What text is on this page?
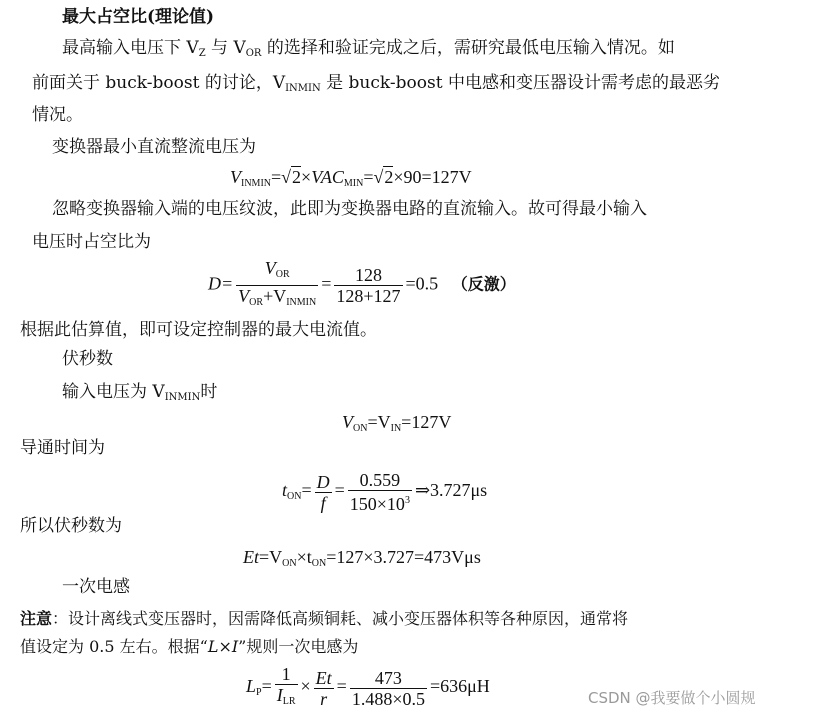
最大占空比(理论值)
最高输入电压下 $V_Z$ 与 $V_{OR}$ 的选择和验证完成之后，需研究最低电压输入情况。如
前面关于 buck-boost 的讨论，$V_{INMIN}$ 是 buck-boost 中电感和变压器设计需考虑的最恶劣
情况。
变换器最小直流整流电压为
$V_{INMIN}=√2\times VAC_{MIN}=√2\times 90=127V$
忽略变换器输入端的电压纹波，此即为变换器电路的直流输入。故可得最小输入
电压时占空比为
$D= \frac{V_{OR}}{V_{OR}+V_{INMIN}} = \frac{128}{128+127} =0.5$ （反激）
根据此估算值，即可设定控制器的最大电流值。
伏秒数
输入电压为 $V_{INMIN}$时
$V_{ON}=V_{IN}=127V$
导通时间为
$t_{ON}= \frac{D}{f} = \frac{0.559}{150\times 10^3}$ ⇒3.727μs
所以伏秒数为
$Et=V_{ON}\times t_{ON}=127\times 3.727=473V\mu s$
一次电感
注意：设计离线式变压器时，因需降低高频铜耗、减小变压器体积等各种原因，通常将
值设定为 0.5 左右。根据“L×I”规则一次电感为
$L_P= \frac{1}{I_{LR}} \times \frac{Et}{r} = \frac{473}{1.488\times 0.5} =636\mu H$
CSDN @我要做个小圆规
